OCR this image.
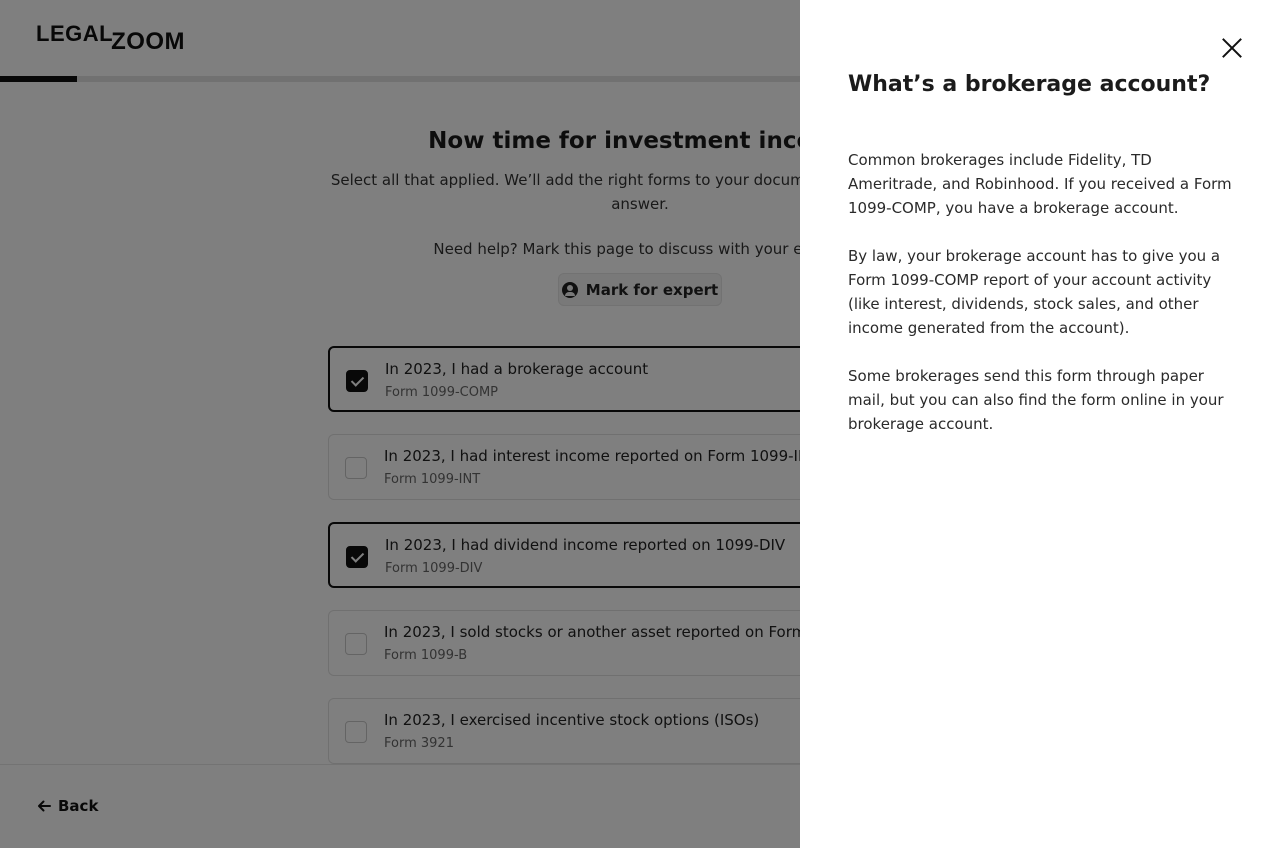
What’s a brokerage account?

Common brokerages include Fidelity, TD Ameritrade, and Robinhood. If you received a Form 1099-COMP, you have a brokerage account.

By law, your brokerage account has to give you a Form 1099-COMP report of your account activity (like interest, dividends, stock sales, and other income generated from the account).

Some brokerages send this form through paper mail, but you can also find the form online in your brokerage account.
